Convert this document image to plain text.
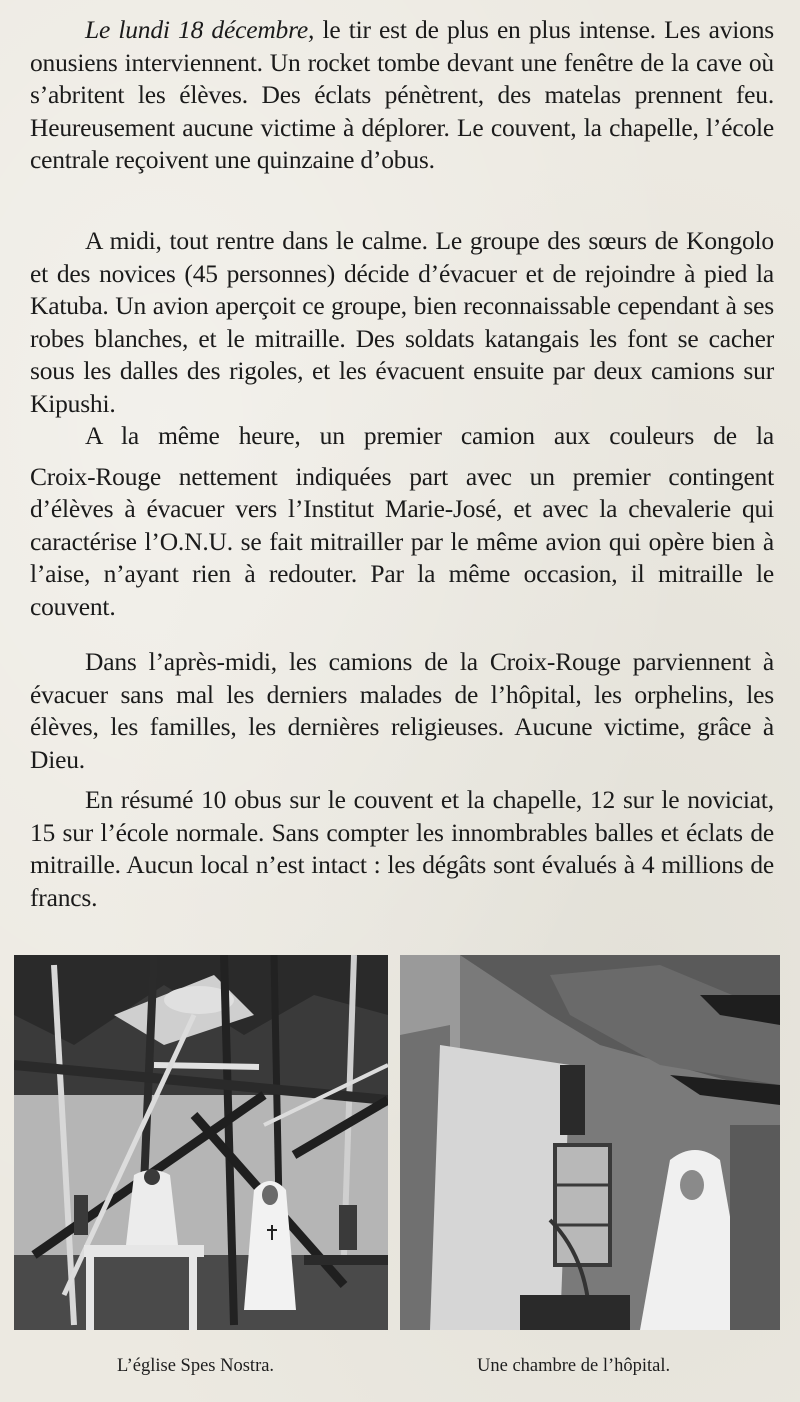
Le lundi 18 décembre, le tir est de plus en plus intense. Les avions onusiens interviennent. Un rocket tombe devant une fenêtre de la cave où s’abritent les élèves. Des éclats pénètrent, des matelas prennent feu. Heureusement aucune victime à déplorer. Le couvent, la chapelle, l’école centrale reçoivent une quinzaine d’obus.

A midi, tout rentre dans le calme. Le groupe des sœurs de Kongolo et des novices (45 personnes) décide d’évacuer et de rejoindre à pied la Katuba. Un avion aperçoit ce groupe, bien reconnaissable cependant à ses robes blanches, et le mitraille. Des soldats katangais les font se cacher sous les dalles des rigoles, et les évacuent ensuite par deux camions sur Kipushi.

A la même heure, un premier camion aux couleurs de la

Croix-Rouge nettement indiquées part avec un premier contingent d’élèves à évacuer vers l’Institut Marie-José, et avec la chevalerie qui caractérise l’O.N.U. se fait mitrailler par le même avion qui opère bien à l’aise, n’ayant rien à redouter. Par la même occasion, il mitraille le couvent.

Dans l’après-midi, les camions de la Croix-Rouge parviennent à évacuer sans mal les derniers malades de l’hôpital, les orphelins, les élèves, les familles, les dernières religieuses. Aucune victime, grâce à Dieu.

En résumé 10 obus sur le couvent et la chapelle, 12 sur le noviciat, 15 sur l’école normale. Sans compter les innombrables balles et éclats de mitraille. Aucun local n’est intact : les dégâts sont évalués à 4 millions de francs.

L’église Spes Nostra.	Une chambre de l’hôpital.
